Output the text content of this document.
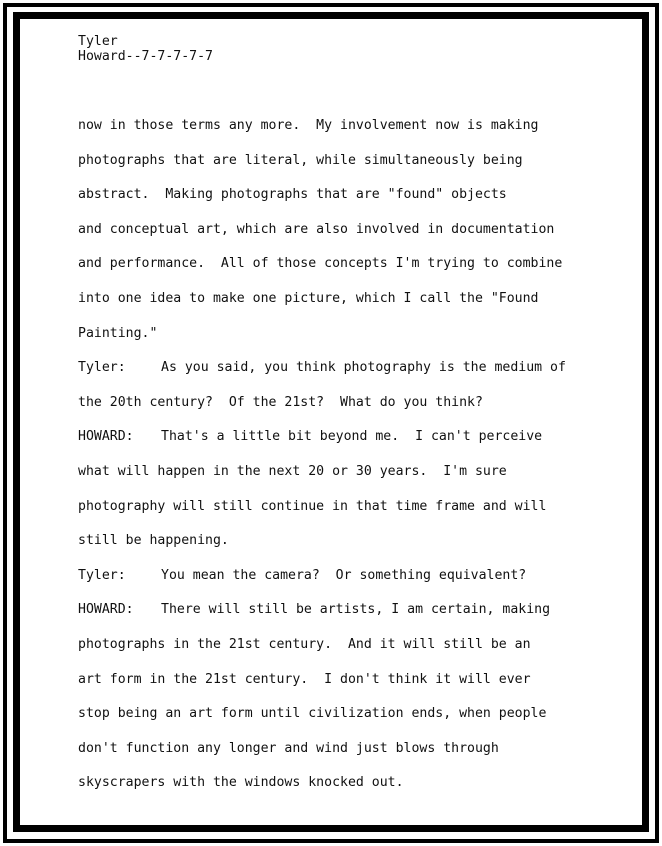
Tyler
Howard--7-7-7-7-7
now in those terms any more.  My involvement now is making
photographs that are literal, while simultaneously being
abstract.  Making photographs that are "found" objects
and conceptual art, which are also involved in documentation
and performance.  All of those concepts I'm trying to combine
into one idea to make one picture, which I call the "Found
Painting."
Tyler:	As you said, you think photography is the medium of
the 20th century?  Of the 21st?  What do you think?
HOWARD: That's a little bit beyond me.  I can't perceive
what will happen in the next 20 or 30 years.  I'm sure
photography will still continue in that time frame and will
still be happening.
Tyler:	You mean the camera?  Or something equivalent?
HOWARD: There will still be artists, I am certain, making
photographs in the 21st century.  And it will still be an
art form in the 21st century.  I don't think it will ever
stop being an art form until civilization ends, when people
don't function any longer and wind just blows through
skyscrapers with the windows knocked out.
